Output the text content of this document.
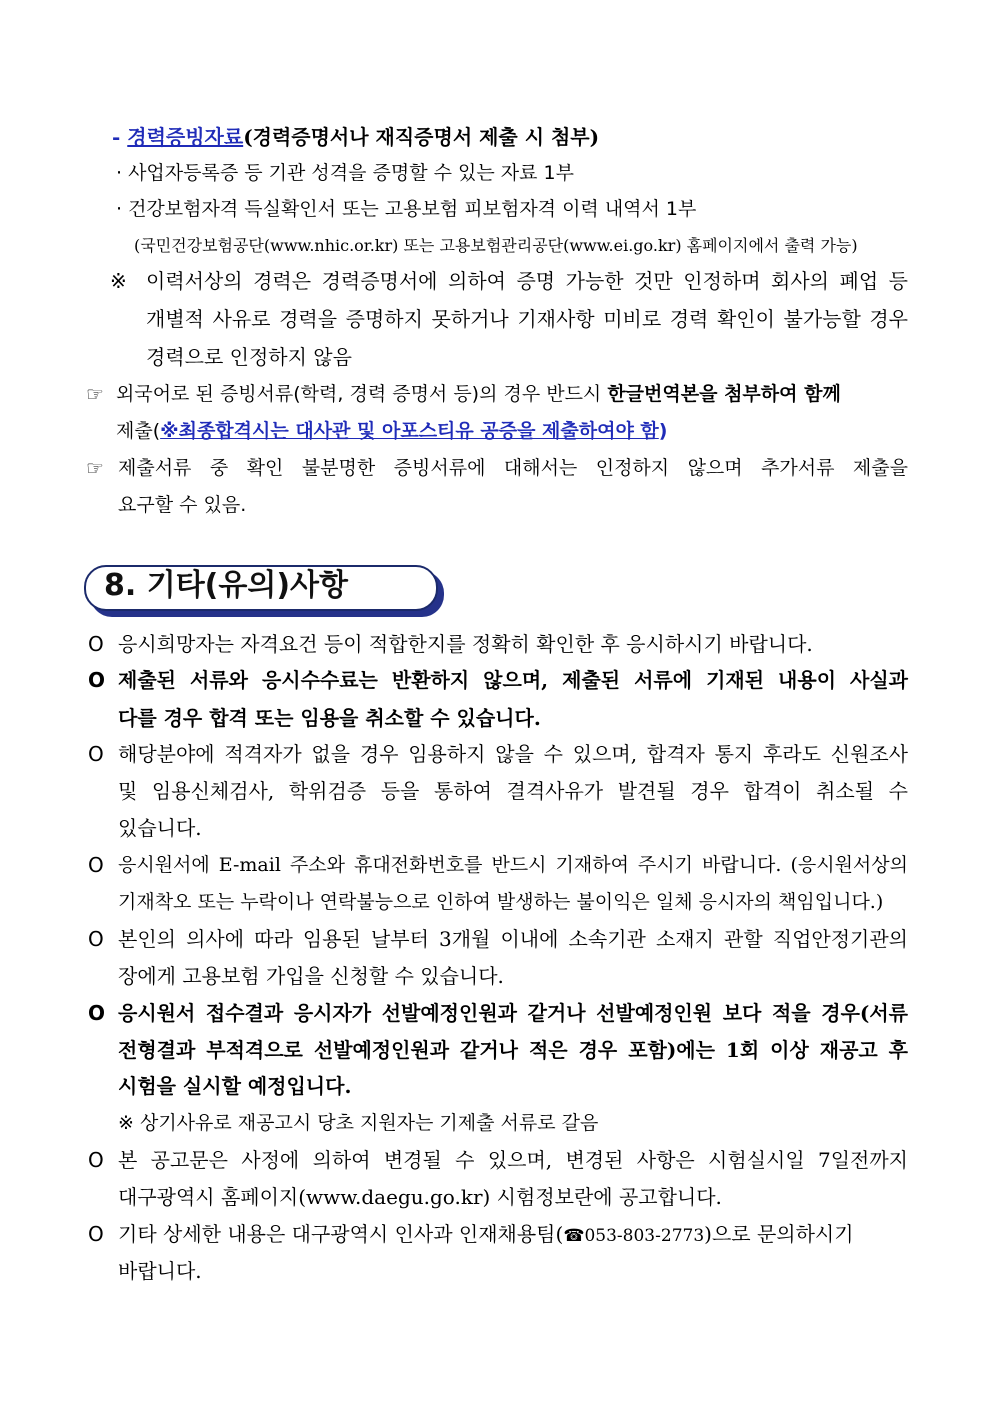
- 경력증빙자료(경력증명서나 재직증명서 제출 시 첨부)
· 사업자등록증 등 기관 성격을 증명할 수 있는 자료 1부
· 건강보험자격 득실확인서 또는 고용보험 피보험자격 이력 내역서 1부
(국민건강보험공단(www.nhic.or.kr) 또는 고용보험관리공단(www.ei.go.kr) 홈페이지에서 출력 가능)
※ 이력서상의 경력은 경력증명서에 의하여 증명 가능한 것만 인정하며 회사의 폐업 등
개별적 사유로 경력을 증명하지 못하거나 기재사항 미비로 경력 확인이 불가능할 경우
경력으로 인정하지 않음
☞ 외국어로 된 증빙서류(학력, 경력 증명서 등)의 경우 반드시 한글번역본을 첨부하여 함께
제출(※최종합격시는 대사관 및 아포스티유 공증을 제출하여야 함)
☞ 제출서류 중 확인 불분명한 증빙서류에 대해서는 인정하지 않으며 추가서류 제출을
요구할 수 있음.
8. 기타(유의)사항
O 응시희망자는 자격요건 등이 적합한지를 정확히 확인한 후 응시하시기 바랍니다.
O 제출된 서류와 응시수수료는 반환하지 않으며, 제출된 서류에 기재된 내용이 사실과
다를 경우 합격 또는 임용을 취소할 수 있습니다.
O 해당분야에 적격자가 없을 경우 임용하지 않을 수 있으며, 합격자 통지 후라도 신원조사
및 임용신체검사, 학위검증 등을 통하여 결격사유가 발견될 경우 합격이 취소될 수
있습니다.
O 응시원서에 E-mail 주소와 휴대전화번호를 반드시 기재하여 주시기 바랍니다. (응시원서상의
기재착오 또는 누락이나 연락불능으로 인하여 발생하는 불이익은 일체 응시자의 책임입니다.)
O 본인의 의사에 따라 임용된 날부터 3개월 이내에 소속기관 소재지 관할 직업안정기관의
장에게 고용보험 가입을 신청할 수 있습니다.
O 응시원서 접수결과 응시자가 선발예정인원과 같거나 선발예정인원 보다 적을 경우(서류
전형결과 부적격으로 선발예정인원과 같거나 적은 경우 포함)에는 1회 이상 재공고 후
시험을 실시할 예정입니다.
※ 상기사유로 재공고시 당초 지원자는 기제출 서류로 갈음
O 본 공고문은 사정에 의하여 변경될 수 있으며, 변경된 사항은 시험실시일 7일전까지
대구광역시 홈페이지(www.daegu.go.kr) 시험정보란에 공고합니다.
O 기타 상세한 내용은 대구광역시 인사과 인재채용팀(☎053-803-2773)으로 문의하시기
바랍니다.
